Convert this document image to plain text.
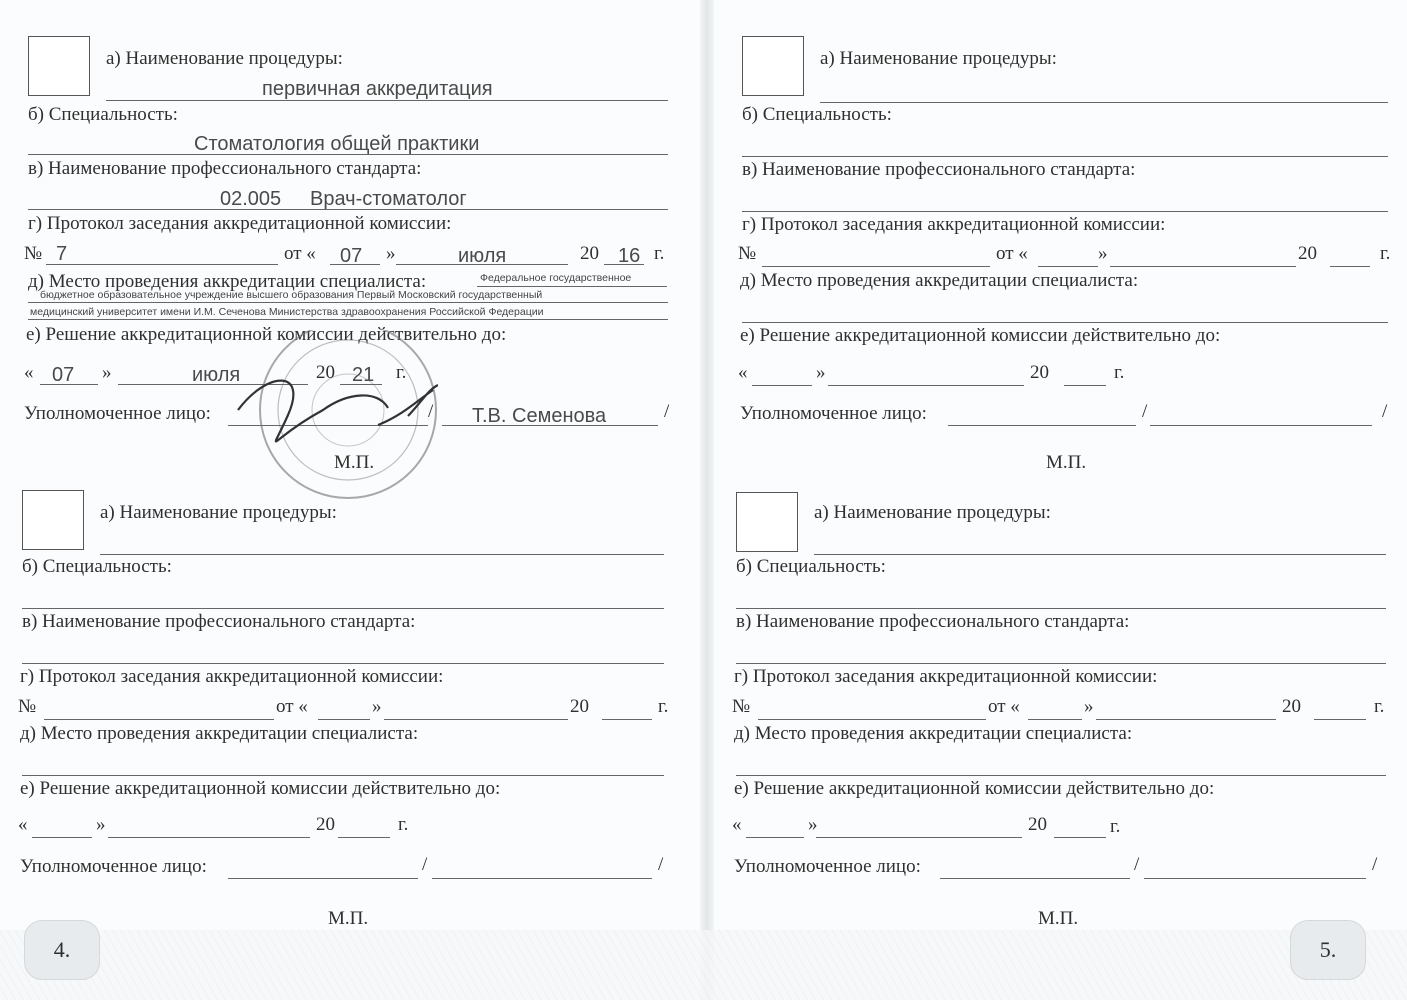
а) Наименование процедуры:
первичная аккредитация
б) Специальность:
Стоматология общей практики
в) Наименование профессионального стандарта:
02.005 Врач-стоматолог
г) Протокол заседания аккредитационной комиссии:
№ 7	от « 07 »	июля	20 16 г.
д) Место проведения аккредитации специалиста:	Федеральное государственное
бюджетное образовательное учреждение высшего образования Первый Московский государственный
медицинский университет имени И.М. Сеченова Министерства здравоохранения Российской Федерации
е) Решение аккредитационной комиссии действительно до:
« 07 »	июля	20 21 г.
Уполномоченное лицо:	/ Т.В. Семенова	/
М.П.
а) Наименование процедуры:
б) Специальность:
в) Наименование профессионального стандарта:
г) Протокол заседания аккредитационной комиссии:
№	от «	»	20	г.
д) Место проведения аккредитации специалиста:
е) Решение аккредитационной комиссии действительно до:
«	»	20	г.
Уполномоченное лицо:	/	/
М.П.
а) Наименование процедуры:
б) Специальность:
в) Наименование профессионального стандарта:
г) Протокол заседания аккредитационной комиссии:
№	от «	»	20	г.
д) Место проведения аккредитации специалиста:
е) Решение аккредитационной комиссии действительно до:
«	»	20	г.
Уполномоченное лицо:	/	/
М.П.
а) Наименование процедуры:
б) Специальность:
в) Наименование профессионального стандарта:
г) Протокол заседания аккредитационной комиссии:
№	от «	»	20	г.
д) Место проведения аккредитации специалиста:
е) Решение аккредитационной комиссии действительно до:
«	»	20	г.
Уполномоченное лицо:	/	/
М.П.
4.	5.
